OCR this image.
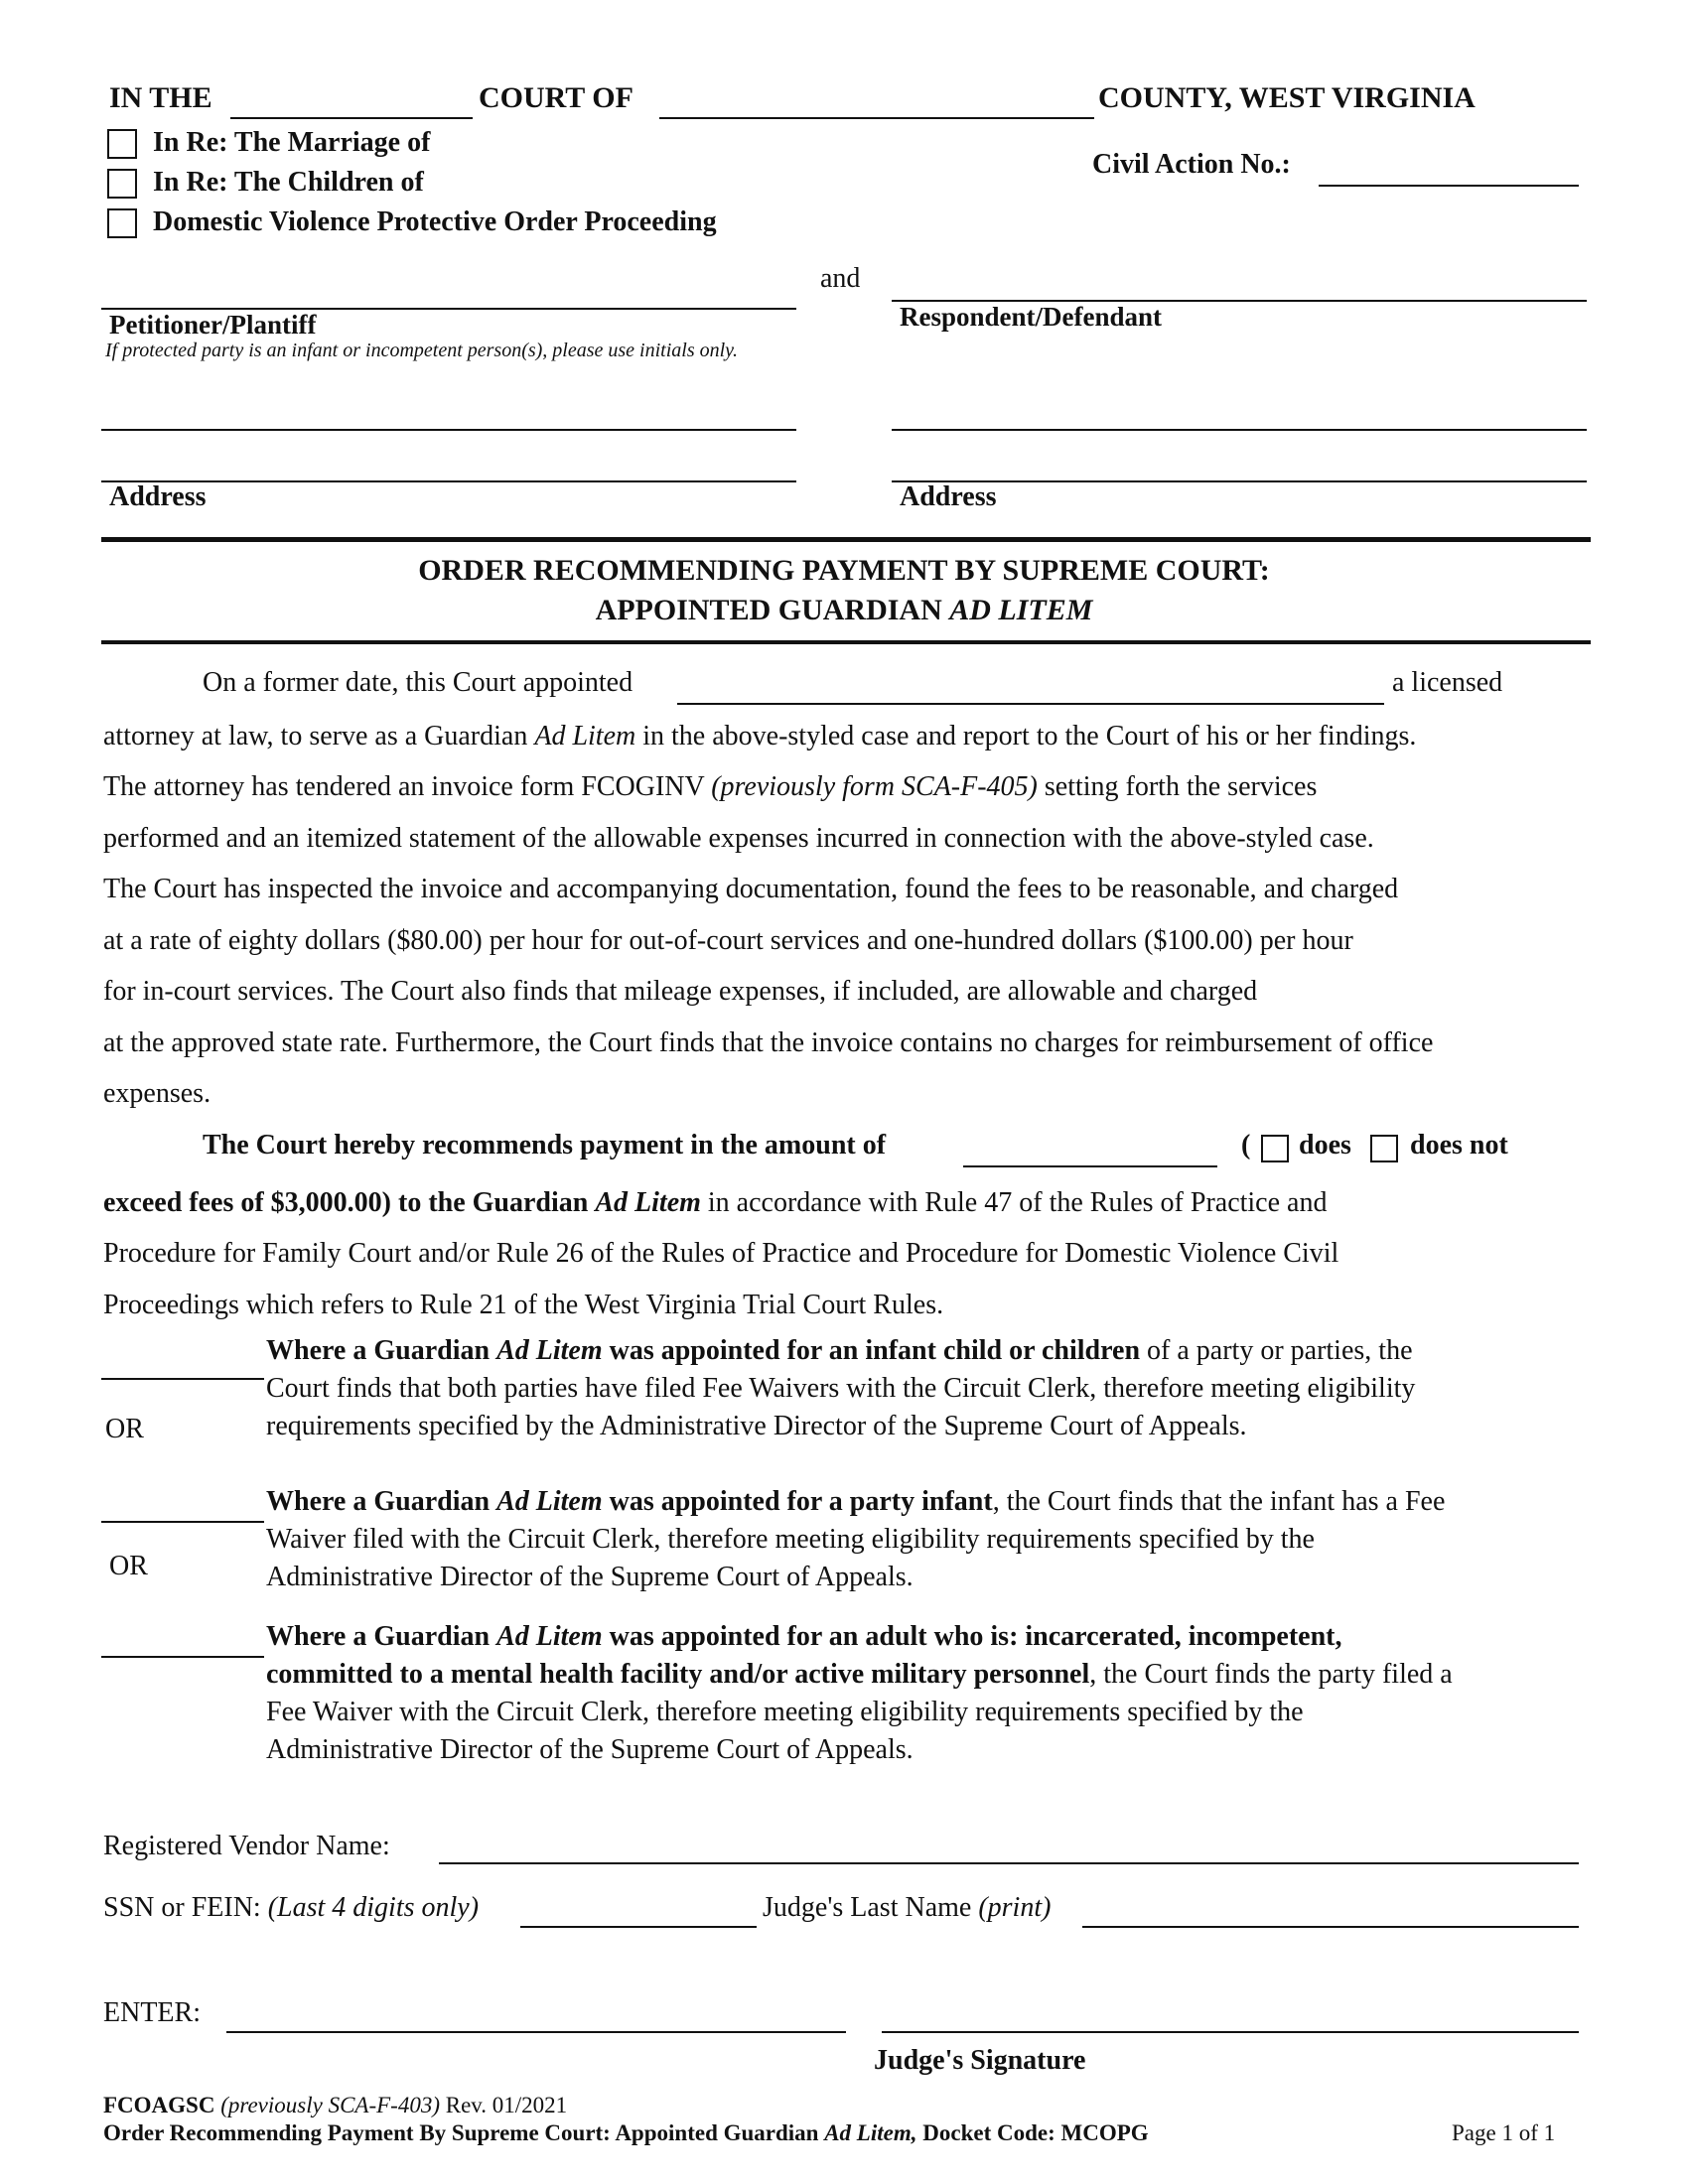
IN THE	COURT OF	COUNTY, WEST VIRGINIA
In Re: The Marriage of
In Re: The Children of
Domestic Violence Protective Order Proceeding
Civil Action No.:
and
Petitioner/Plantiff	Respondent/Defendant
If protected party is an infant or incompetent person(s), please use initials only.
Address	Address
ORDER RECOMMENDING PAYMENT BY SUPREME COURT:
APPOINTED GUARDIAN AD LITEM
On a former date, this Court appointed	a licensed
attorney at law, to serve as a Guardian Ad Litem in the above-styled case and report to the Court of his or her findings.
The attorney has tendered an invoice form FCOGINV (previously form SCA-F-405) setting forth the services
performed and an itemized statement of the allowable expenses incurred in connection with the above-styled case.
The Court has inspected the invoice and accompanying documentation, found the fees to be reasonable, and charged
at a rate of eighty dollars ($80.00) per hour for out-of-court services and one-hundred dollars ($100.00) per hour
for in-court services. The Court also finds that mileage expenses, if included, are allowable and charged
at the approved state rate. Furthermore, the Court finds that the invoice contains no charges for reimbursement of office
expenses.
The Court hereby recommends payment in the amount of	( does does not
exceed fees of $3,000.00) to the Guardian Ad Litem in accordance with Rule 47 of the Rules of Practice and
Procedure for Family Court and/or Rule 26 of the Rules of Practice and Procedure for Domestic Violence Civil
Proceedings which refers to Rule 21 of the West Virginia Trial Court Rules.
OR
Where a Guardian Ad Litem was appointed for an infant child or children of a party or parties, the
Court finds that both parties have filed Fee Waivers with the Circuit Clerk, therefore meeting eligibility
requirements specified by the Administrative Director of the Supreme Court of Appeals.
OR
Where a Guardian Ad Litem was appointed for a party infant, the Court finds that the infant has a Fee
Waiver filed with the Circuit Clerk, therefore meeting eligibility requirements specified by the
Administrative Director of the Supreme Court of Appeals.
Where a Guardian Ad Litem was appointed for an adult who is: incarcerated, incompetent,
committed to a mental health facility and/or active military personnel, the Court finds the party filed a
Fee Waiver with the Circuit Clerk, therefore meeting eligibility requirements specified by the
Administrative Director of the Supreme Court of Appeals.
Registered Vendor Name:
SSN or FEIN: (Last 4 digits only)	Judge's Last Name (print)
ENTER:
Judge's Signature
FCOAGSC (previously SCA-F-403) Rev. 01/2021
Order Recommending Payment By Supreme Court: Appointed Guardian Ad Litem, Docket Code: MCOPG	Page 1 of 1
